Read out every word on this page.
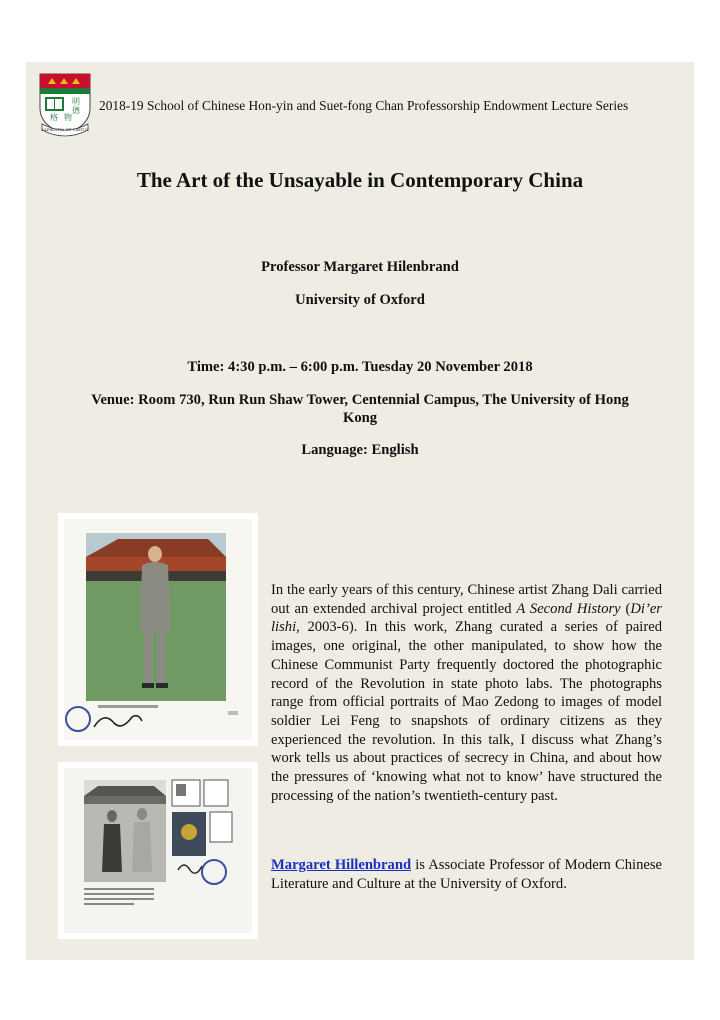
明
德
格 物
SAPIENTIA ET VIRTUS
2018-19 School of Chinese Hon-yin and Suet-fong Chan Professorship Endowment Lecture Series
The Art of the Unsayable in Contemporary China
Professor Margaret Hilenbrand
University of Oxford
Time: 4:30 p.m. – 6:00 p.m. Tuesday 20 November 2018
Venue: Room 730, Run Run Shaw Tower, Centennial Campus, The University of Hong
Kong
Language: English
In the early years of this century, Chinese artist Zhang Dali carried out an extended archival project entitled A Second History (Di’er lishi, 2003-6). In this work, Zhang curated a series of paired images, one original, the other manipulated, to show how the Chinese Communist Party frequently doctored the photographic record of the Revolution in state photo labs. The photographs range from official portraits of Mao Zedong to images of model soldier Lei Feng to snapshots of ordinary citizens as they experienced the revolution. In this talk, I discuss what Zhang’s work tells us about practices of secrecy in China, and about how the pressures of ‘knowing what not to know’ have structured the processing of the nation’s twentieth-century past.
Margaret Hillenbrand is Associate Professor of Modern Chinese Literature and Culture at the University of Oxford.
